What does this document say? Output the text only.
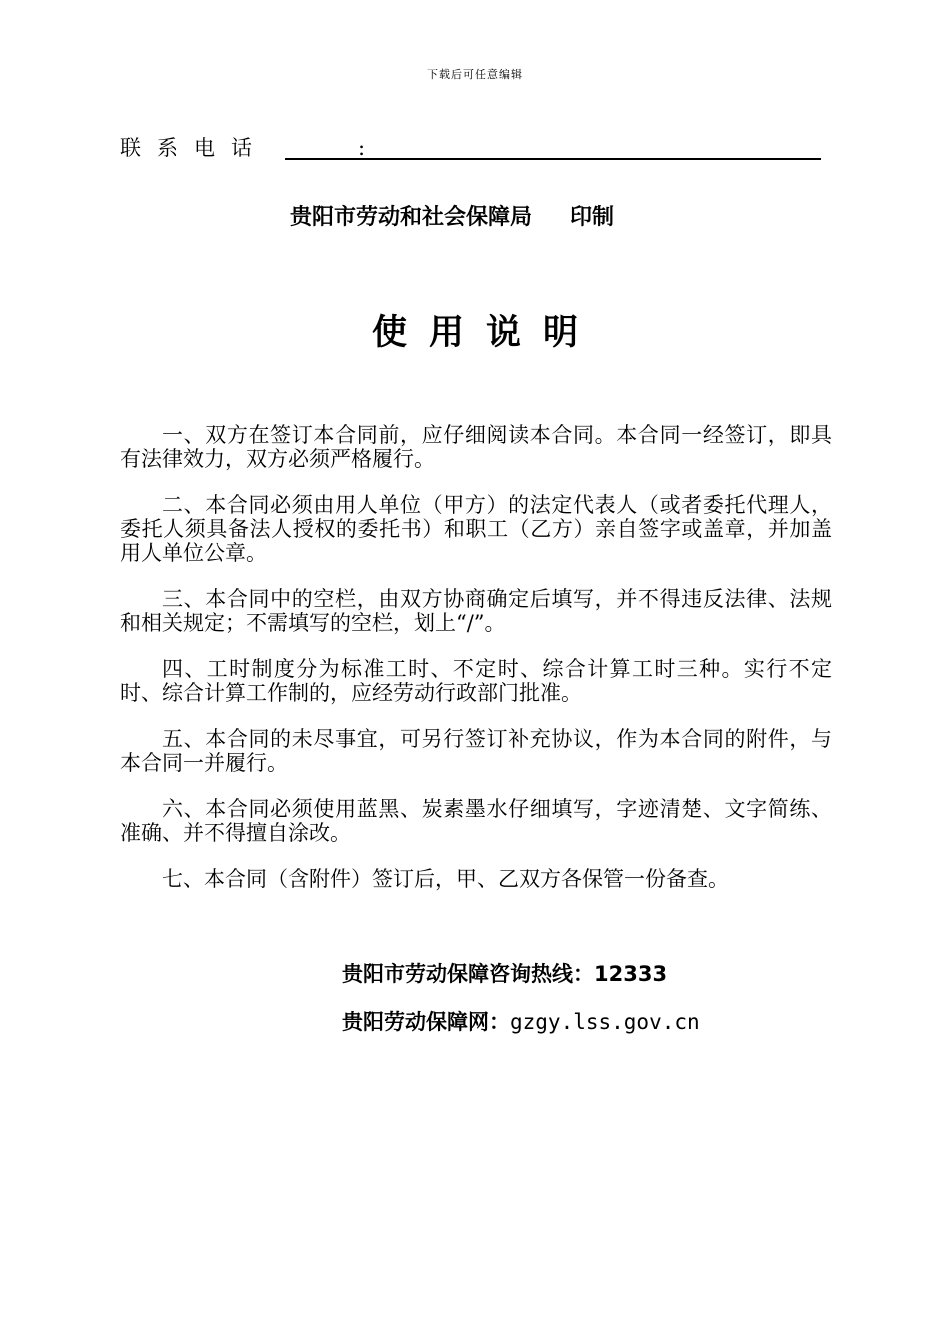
下载后可任意编辑
联系电话	:
贵阳市劳动和社会保障局 印制
使用说明
一、双方在签订本合同前，应仔细阅读本合同。本合同一经签订，即具有法律效力，双方必须严格履行。
二、本合同必须由用人单位（甲方）的法定代表人（或者委托代理人，委托人须具备法人授权的委托书）和职工（乙方）亲自签字或盖章，并加盖用人单位公章。
三、本合同中的空栏，由双方协商确定后填写，并不得违反法律、法规和相关规定；不需填写的空栏，划上“/”。
四、工时制度分为标准工时、不定时、综合计算工时三种。实行不定时、综合计算工作制的，应经劳动行政部门批准。
五、本合同的未尽事宜，可另行签订补充协议，作为本合同的附件，与本合同一并履行。
六、本合同必须使用蓝黑、炭素墨水仔细填写，字迹清楚、文字简练、准确、并不得擅自涂改。
七、本合同（含附件）签订后，甲、乙双方各保管一份备查。
贵阳市劳动保障咨询热线：12333
贵阳劳动保障网：gzgy.lss.gov.cn
